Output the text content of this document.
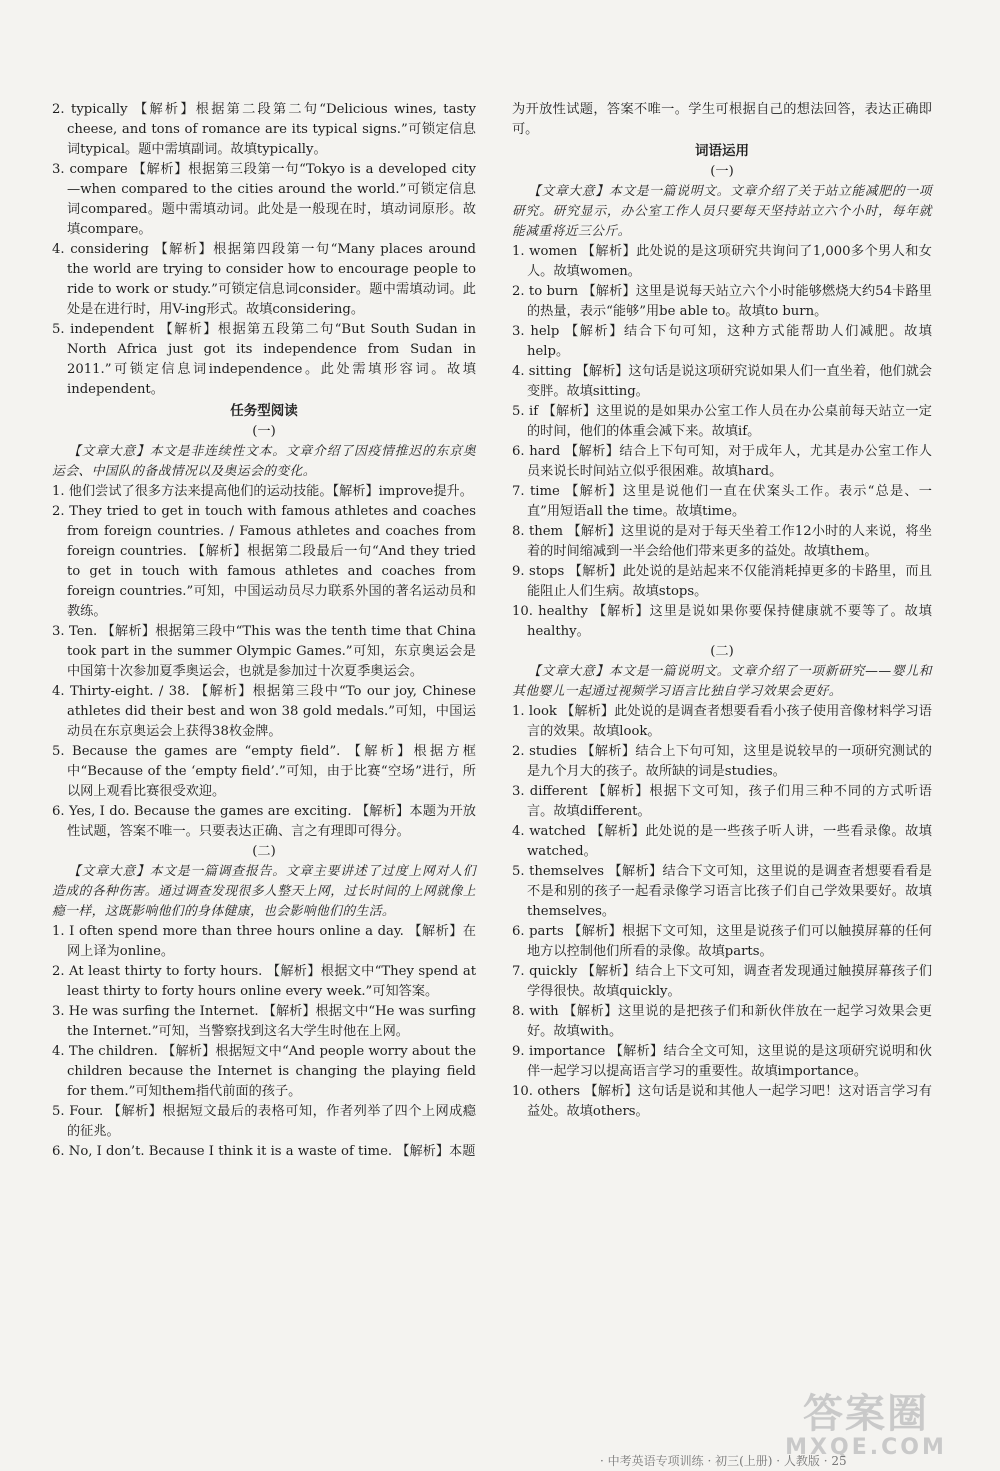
2. typically 【解析】根据第二段第二句“Delicious wines, tasty cheese, and tons of romance are its typical signs.”可锁定信息词typical。题中需填副词。故填typically。
3. compare 【解析】根据第三段第一句“Tokyo is a developed city—when compared to the cities around the world.”可锁定信息词compared。题中需填动词。此处是一般现在时，填动词原形。故填compare。
4. considering 【解析】根据第四段第一句“Many places around the world are trying to consider how to encourage people to ride to work or study.”可锁定信息词consider。题中需填动词。此处是在进行时，用V-ing形式。故填considering。
5. independent 【解析】根据第五段第二句“But South Sudan in North Africa just got its independence from Sudan in 2011.”可锁定信息词independence。此处需填形容词。故填independent。
任务型阅读
(一)
【文章大意】本文是非连续性文本。文章介绍了因疫情推迟的东京奥运会、中国队的备战情况以及奥运会的变化。
1. 他们尝试了很多方法来提高他们的运动技能。【解析】improve提升。
2. They tried to get in touch with famous athletes and coaches from foreign countries. / Famous athletes and coaches from foreign countries. 【解析】根据第二段最后一句“And they tried to get in touch with famous athletes and coaches from foreign countries.”可知，中国运动员尽力联系外国的著名运动员和教练。
3. Ten. 【解析】根据第三段中“This was the tenth time that China took part in the summer Olympic Games.”可知，东京奥运会是中国第十次参加夏季奥运会，也就是参加过十次夏季奥运会。
4. Thirty-eight. / 38. 【解析】根据第三段中“To our joy, Chinese athletes did their best and won 38 gold medals.”可知，中国运动员在东京奥运会上获得38枚金牌。
5. Because the games are “empty field”. 【解析】根据方框中“Because of the ‘empty field’.”可知，由于比赛“空场”进行，所以网上观看比赛很受欢迎。
6. Yes, I do. Because the games are exciting. 【解析】本题为开放性试题，答案不唯一。只要表达正确、言之有理即可得分。
(二)
【文章大意】本文是一篇调查报告。文章主要讲述了过度上网对人们造成的各种伤害。通过调查发现很多人整天上网，过长时间的上网就像上瘾一样，这既影响他们的身体健康，也会影响他们的生活。
1. I often spend more than three hours online a day. 【解析】在网上译为online。
2. At least thirty to forty hours. 【解析】根据文中“They spend at least thirty to forty hours online every week.”可知答案。
3. He was surfing the Internet. 【解析】根据文中“He was surfing the Internet.”可知，当警察找到这名大学生时他在上网。
4. The children. 【解析】根据短文中“And people worry about the children because the Internet is changing the playing field for them.”可知them指代前面的孩子。
5. Four. 【解析】根据短文最后的表格可知，作者列举了四个上网成瘾的征兆。
6. No, I don’t. Because I think it is a waste of time. 【解析】本题
为开放性试题，答案不唯一。学生可根据自己的想法回答，表达正确即可。
词语运用
(一)
【文章大意】本文是一篇说明文。文章介绍了关于站立能减肥的一项研究。研究显示，办公室工作人员只要每天坚持站立六个小时，每年就能减重将近三公斤。
1. women 【解析】此处说的是这项研究共询问了1,000多个男人和女人。故填women。
2. to burn 【解析】这里是说每天站立六个小时能够燃烧大约54卡路里的热量，表示“能够”用be able to。故填to burn。
3. help 【解析】结合下句可知，这种方式能帮助人们减肥。故填help。
4. sitting 【解析】这句话是说这项研究说如果人们一直坐着，他们就会变胖。故填sitting。
5. if 【解析】这里说的是如果办公室工作人员在办公桌前每天站立一定的时间，他们的体重会减下来。故填if。
6. hard 【解析】结合上下句可知，对于成年人，尤其是办公室工作人员来说长时间站立似乎很困难。故填hard。
7. time 【解析】这里是说他们一直在伏案头工作。表示“总是、一直”用短语all the time。故填time。
8. them 【解析】这里说的是对于每天坐着工作12小时的人来说，将坐着的时间缩减到一半会给他们带来更多的益处。故填them。
9. stops 【解析】此处说的是站起来不仅能消耗掉更多的卡路里，而且能阻止人们生病。故填stops。
10. healthy 【解析】这里是说如果你要保持健康就不要等了。故填healthy。
(二)
【文章大意】本文是一篇说明文。文章介绍了一项新研究——婴儿和其他婴儿一起通过视频学习语言比独自学习效果会更好。
1. look 【解析】此处说的是调查者想要看看小孩子使用音像材料学习语言的效果。故填look。
2. studies 【解析】结合上下句可知，这里是说较早的一项研究测试的是九个月大的孩子。故所缺的词是studies。
3. different 【解析】根据下文可知，孩子们用三种不同的方式听语言。故填different。
4. watched 【解析】此处说的是一些孩子听人讲，一些看录像。故填watched。
5. themselves 【解析】结合下文可知，这里说的是调查者想要看看是不是和别的孩子一起看录像学习语言比孩子们自己学效果要好。故填themselves。
6. parts 【解析】根据下文可知，这里是说孩子们可以触摸屏幕的任何地方以控制他们所看的录像。故填parts。
7. quickly 【解析】结合上下文可知，调查者发现通过触摸屏幕孩子们学得很快。故填quickly。
8. with 【解析】这里说的是把孩子们和新伙伴放在一起学习效果会更好。故填with。
9. importance 【解析】结合全文可知，这里说的是这项研究说明和伙伴一起学习以提高语言学习的重要性。故填importance。
10. others 【解析】这句话是说和其他人一起学习吧！这对语言学习有益处。故填others。
答案圈
MXQE.COM
· 中考英语专项训练 · 初三(上册) · 人教版 · 25
